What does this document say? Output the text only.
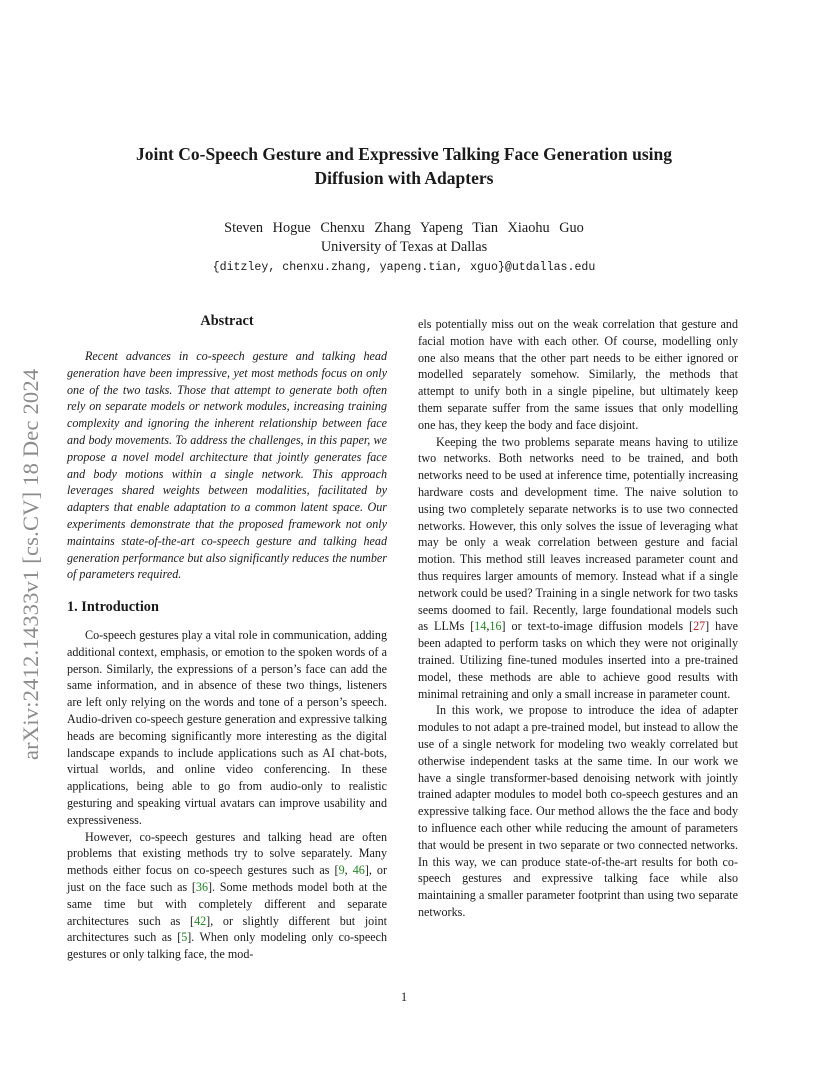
arXiv:2412.14333v1 [cs.CV] 18 Dec 2024
Joint Co-Speech Gesture and Expressive Talking Face Generation using
Diffusion with Adapters
Steven Hogue Chenxu Zhang Yapeng Tian Xiaohu Guo
University of Texas at Dallas
{ditzley, chenxu.zhang, yapeng.tian, xguo}@utdallas.edu
Abstract
Recent advances in co-speech gesture and talking head generation have been impressive, yet most methods focus on only one of the two tasks. Those that attempt to generate both often rely on separate models or network modules, increasing training complexity and ignoring the inherent relationship between face and body movements. To address the challenges, in this paper, we propose a novel model architecture that jointly generates face and body motions within a single network. This approach leverages shared weights between modalities, facilitated by adapters that enable adaptation to a common latent space. Our experiments demonstrate that the proposed framework not only maintains state-of-the-art co-speech gesture and talking head generation performance but also significantly reduces the number of parameters required.
1. Introduction

Co-speech gestures play a vital role in communication, adding additional context, emphasis, or emotion to the spoken words of a person. Similarly, the expressions of a person’s face can add the same information, and in absence of these two things, listeners are left only relying on the words and tone of a person’s speech. Audio-driven co-speech gesture generation and expressive talking heads are becoming significantly more interesting as the digital landscape expands to include applications such as AI chat-bots, virtual worlds, and online video conferencing. In these applications, being able to go from audio-only to realistic gesturing and speaking virtual avatars can improve usability and expressiveness.

However, co-speech gestures and talking head are often problems that existing methods try to solve separately. Many methods either focus on co-speech gestures such as [9, 46], or just on the face such as [36]. Some methods model both at the same time but with completely different and separate architectures such as [42], or slightly different but joint architectures such as [5]. When only modeling only co-speech gestures or only talking face, the mod-

els potentially miss out on the weak correlation that gesture and facial motion have with each other. Of course, modelling only one also means that the other part needs to be either ignored or modelled separately somehow. Similarly, the methods that attempt to unify both in a single pipeline, but ultimately keep them separate suffer from the same issues that only modelling one has, they keep the body and face disjoint.

Keeping the two problems separate means having to utilize two networks. Both networks need to be trained, and both networks need to be used at inference time, potentially increasing hardware costs and development time. The naive solution to using two completely separate networks is to use two connected networks. However, this only solves the issue of leveraging what may be only a weak correlation between gesture and facial motion. This method still leaves increased parameter count and thus requires larger amounts of memory. Instead what if a single network could be used? Training in a single network for two tasks seems doomed to fail. Recently, large foundational models such as LLMs [14,16] or text-to-image diffusion models [27] have been adapted to perform tasks on which they were not originally trained. Utilizing fine-tuned modules inserted into a pre-trained model, these methods are able to achieve good results with minimal retraining and only a small increase in parameter count.

In this work, we propose to introduce the idea of adapter modules to not adapt a pre-trained model, but instead to allow the use of a single network for modeling two weakly correlated but otherwise independent tasks at the same time. In our work we have a single transformer-based denoising network with jointly trained adapter modules to model both co-speech gestures and an expressive talking face. Our method allows the the face and body to influence each other while reducing the amount of parameters that would be present in two separate or two connected networks. In this way, we can produce state-of-the-art results for both co-speech gestures and expressive talking face while also maintaining a smaller parameter footprint than using two separate networks.

1
